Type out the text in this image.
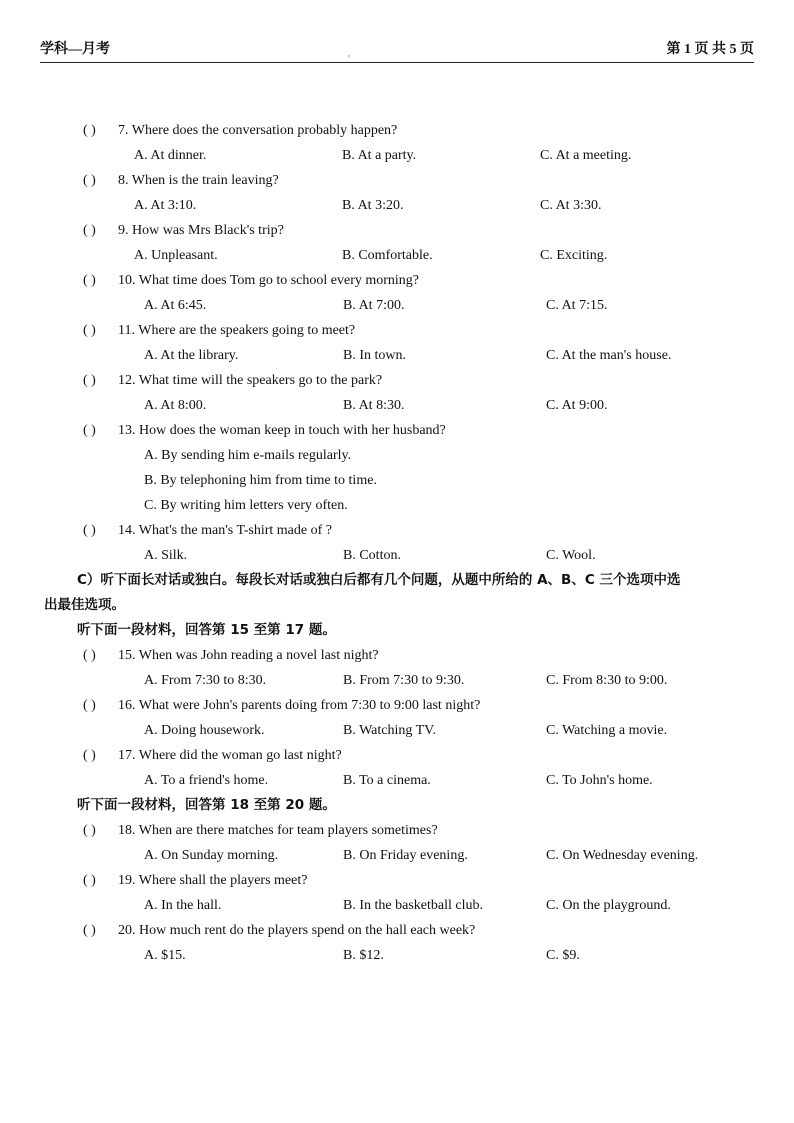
学科—月考
'
第 1 页 共 5 页
( ) 7. Where does the conversation probably happen?
A. At dinner.	B. At a party.	C. At a meeting.
( ) 8. When is the train leaving?
A. At 3:10.	B. At 3:20.	C. At 3:30.
( ) 9. How was Mrs Black's trip?
A. Unpleasant.	B. Comfortable.	C. Exciting.
( ) 10. What time does Tom go to school every morning?
A. At 6:45.	B. At 7:00.	C. At 7:15.
( ) 11. Where are the speakers going to meet?
A. At the library.	B. In town.	C. At the man's house.
( ) 12. What time will the speakers go to the park?
A. At 8:00.	B. At 8:30.	C. At 9:00.
( ) 13. How does the woman keep in touch with her husband?
A. By sending him e-mails regularly.
B. By telephoning him from time to time.
C. By writing him letters very often.
( ) 14. What's the man's T-shirt made of ?
A. Silk.	B. Cotton.	C. Wool.
C）听下面长对话或独白。每段长对话或独白后都有几个问题，从题中所给的 A、B、C 三个选项中选
出最佳选项。
听下面一段材料，回答第 15 至第 17 题。
( ) 15. When was John reading a novel last night?
A. From 7:30 to 8:30.	B. From 7:30 to 9:30.	C. From 8:30 to 9:00.
( ) 16. What were John's parents doing from 7:30 to 9:00 last night?
A. Doing housework.	B. Watching TV.	C. Watching a movie.
( ) 17. Where did the woman go last night?
A. To a friend's home.	B. To a cinema.	C. To John's home.
听下面一段材料，回答第 18 至第 20 题。
( ) 18. When are there matches for team players sometimes?
A. On Sunday morning.	B. On Friday evening.	C. On Wednesday evening.
( ) 19. Where shall the players meet?
A. In the hall.	B. In the basketball club.	C. On the playground.
( ) 20. How much rent do the players spend on the hall each week?
A. $15.	B. $12.	C. $9.
